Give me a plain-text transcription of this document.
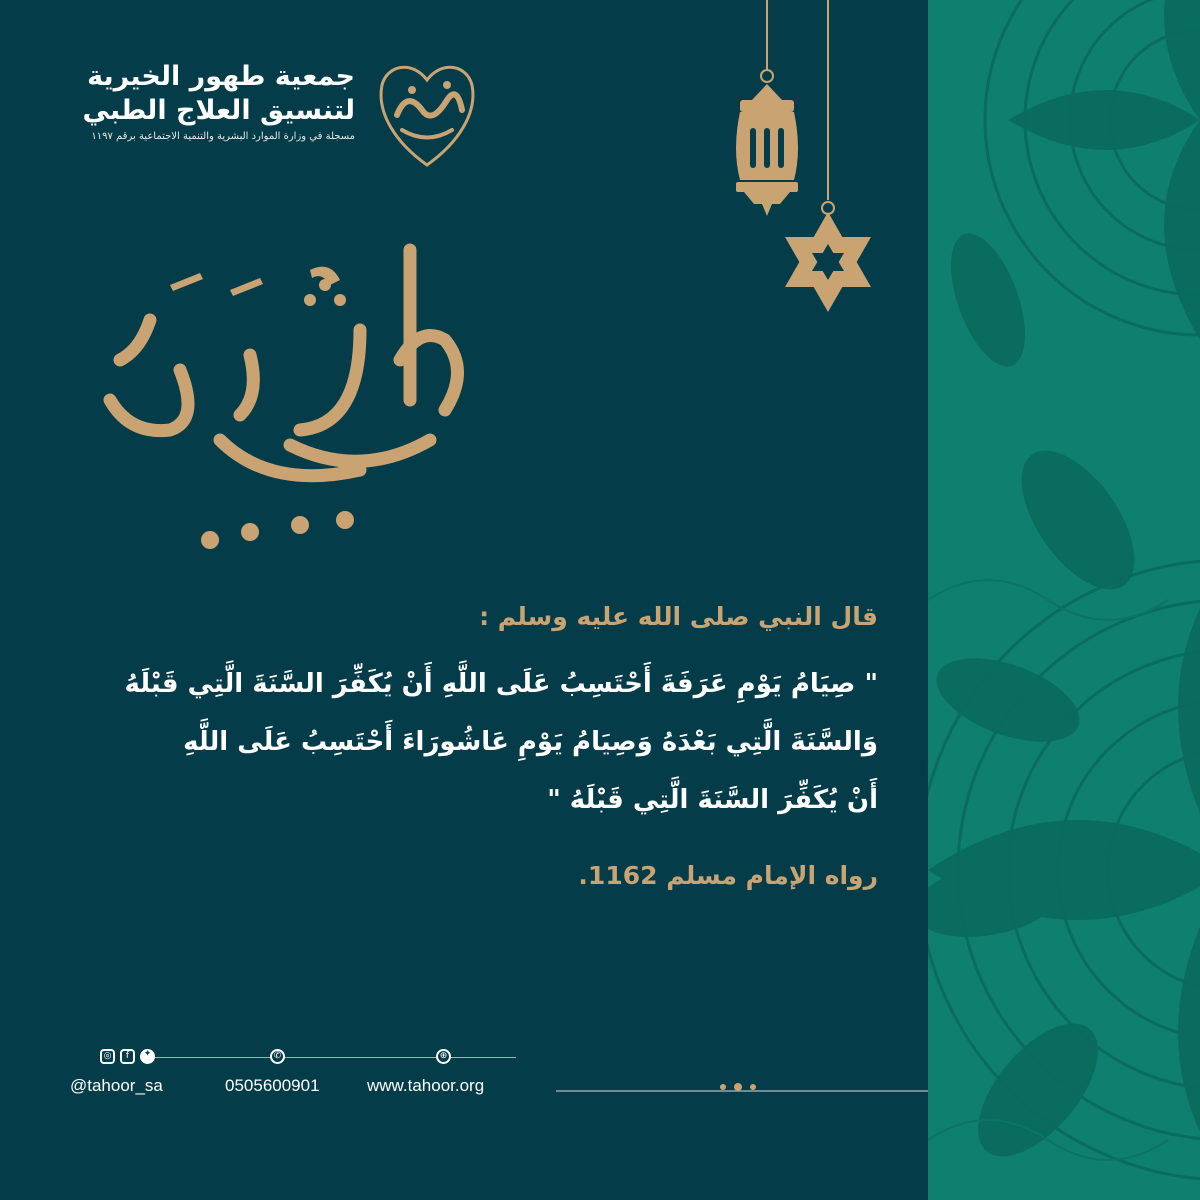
جمعية طهور الخيرية
لتنسيق العلاج الطبي
مسجلة في وزارة الموارد البشرية والتنمية الاجتماعية برقم ١١٩٧
قال النبي صلى الله عليه وسلم :
" صِيَامُ يَوْمِ عَرَفَةَ أَحْتَسِبُ عَلَى اللَّهِ أَنْ يُكَفِّرَ السَّنَةَ الَّتِي قَبْلَهُ
وَالسَّنَةَ الَّتِي بَعْدَهُ وَصِيَامُ يَوْمِ عَاشُورَاءَ أَحْتَسِبُ عَلَى اللَّهِ
أَنْ يُكَفِّرَ السَّنَةَ الَّتِي قَبْلَهُ "
رواه الإمام مسلم 1162.
◎	f	✦	✆	⊕
@tahoor_sa	0505600901	www.tahoor.org
